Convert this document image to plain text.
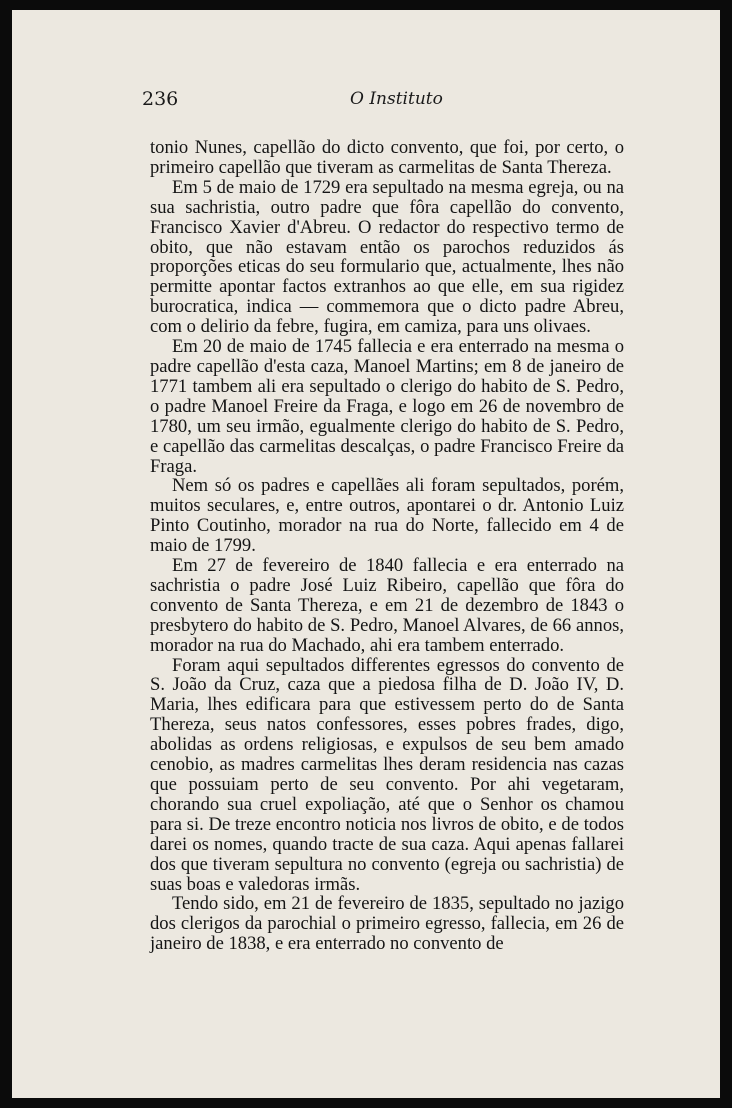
236	O Instituto

tonio Nunes, capellão do dicto convento, que foi, por certo, o primeiro capellão que tiveram as carmelitas de Santa Thereza.

Em 5 de maio de 1729 era sepultado na mesma egreja, ou na sua sachristia, outro padre que fôra capellão do convento, Francisco Xavier d'Abreu. O redactor do respectivo termo de obito, que não estavam então os parochos reduzidos ás proporções eticas do seu formulario que, actualmente, lhes não permitte apontar factos extranhos ao que elle, em sua rigidez burocratica, indica — commemora que o dicto padre Abreu, com o delirio da febre, fugira, em camiza, para uns olivaes.

Em 20 de maio de 1745 fallecia e era enterrado na mesma o padre capellão d'esta caza, Manoel Martins; em 8 de janeiro de 1771 tambem ali era sepultado o clerigo do habito de S. Pedro, o padre Manoel Freire da Fraga, e logo em 26 de novembro de 1780, um seu irmão, egualmente clerigo do habito de S. Pedro, e capellão das carmelitas descalças, o padre Francisco Freire da Fraga.

Nem só os padres e capellães ali foram sepultados, porém, muitos seculares, e, entre outros, apontarei o dr. Antonio Luiz Pinto Coutinho, morador na rua do Norte, fallecido em 4 de maio de 1799.

Em 27 de fevereiro de 1840 fallecia e era enterrado na sachristia o padre José Luiz Ribeiro, capellão que fôra do convento de Santa Thereza, e em 21 de dezembro de 1843 o presbytero do habito de S. Pedro, Manoel Alvares, de 66 annos, morador na rua do Machado, ahi era tambem enterrado.

Foram aqui sepultados differentes egressos do convento de S. João da Cruz, caza que a piedosa filha de D. João IV, D. Maria, lhes edificara para que estivessem perto do de Santa Thereza, seus natos confessores, esses pobres frades, digo, abolidas as ordens religiosas, e expulsos de seu bem amado cenobio, as madres carmelitas lhes deram residencia nas cazas que possuiam perto de seu convento. Por ahi vegetaram, chorando sua cruel expoliação, até que o Senhor os chamou para si. De treze encontro noticia nos livros de obito, e de todos darei os nomes, quando tracte de sua caza. Aqui apenas fallarei dos que tiveram sepultura no convento (egreja ou sachristia) de suas boas e valedoras irmãs.

Tendo sido, em 21 de fevereiro de 1835, sepultado no jazigo dos clerigos da parochial o primeiro egresso, fallecia, em 26 de janeiro de 1838, e era enterrado no convento de
